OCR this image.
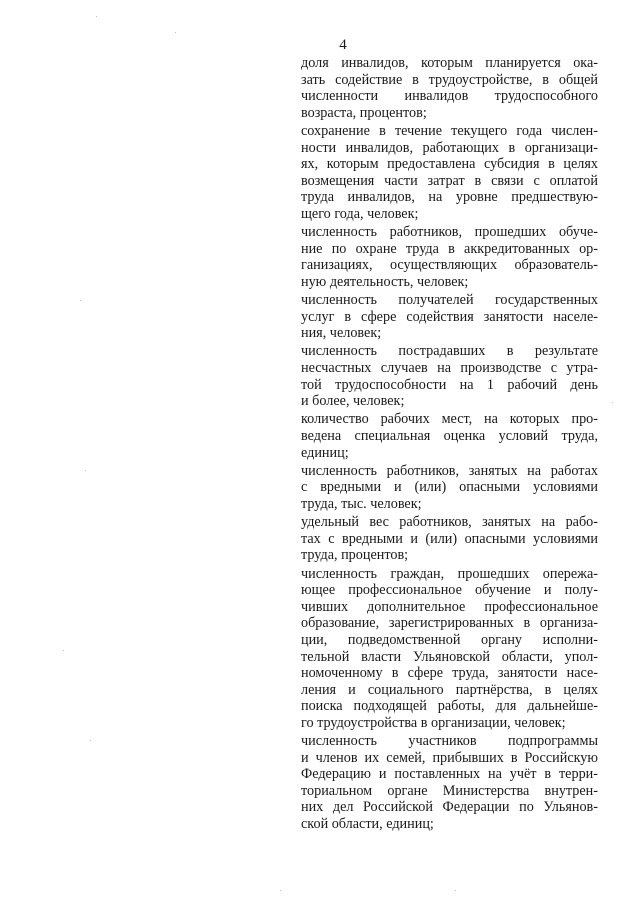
4
доля инвалидов, которым планируется ока-
зать содействие в трудоустройстве, в общей
численности инвалидов трудоспособного
возраста, процентов;
сохранение в течение текущего года числен-
ности инвалидов, работающих в организаци-
ях, которым предоставлена субсидия в целях
возмещения части затрат в связи с оплатой
труда инвалидов, на уровне предшествую-
щего года, человек;
численность работников, прошедших обуче-
ние по охране труда в аккредитованных ор-
ганизациях, осуществляющих образователь-
ную деятельность, человек;
численность получателей государственных
услуг в сфере содействия занятости населе-
ния, человек;
численность пострадавших в результате
несчастных случаев на производстве с утра-
той трудоспособности на 1 рабочий день
и более, человек;
количество рабочих мест, на которых про-
ведена специальная оценка условий труда,
единиц;
численность работников, занятых на работах
с вредными и (или) опасными условиями
труда, тыс. человек;
удельный вес работников, занятых на рабо-
тах с вредными и (или) опасными условиями
труда, процентов;
численность граждан, прошедших опережа-
ющее профессиональное обучение и полу-
чивших дополнительное профессиональное
образование, зарегистрированных в организа-
ции, подведомственной органу исполни-
тельной власти Ульяновской области, упол-
номоченному в сфере труда, занятости насе-
ления и социального партнёрства, в целях
поиска подходящей работы, для дальнейше-
го трудоустройства в организации, человек;
численность участников подпрограммы
и членов их семей, прибывших в Российскую
Федерацию и поставленных на учёт в терри-
ториальном органе Министерства внутрен-
них дел Российской Федерации по Ульянов-
ской области, единиц;
